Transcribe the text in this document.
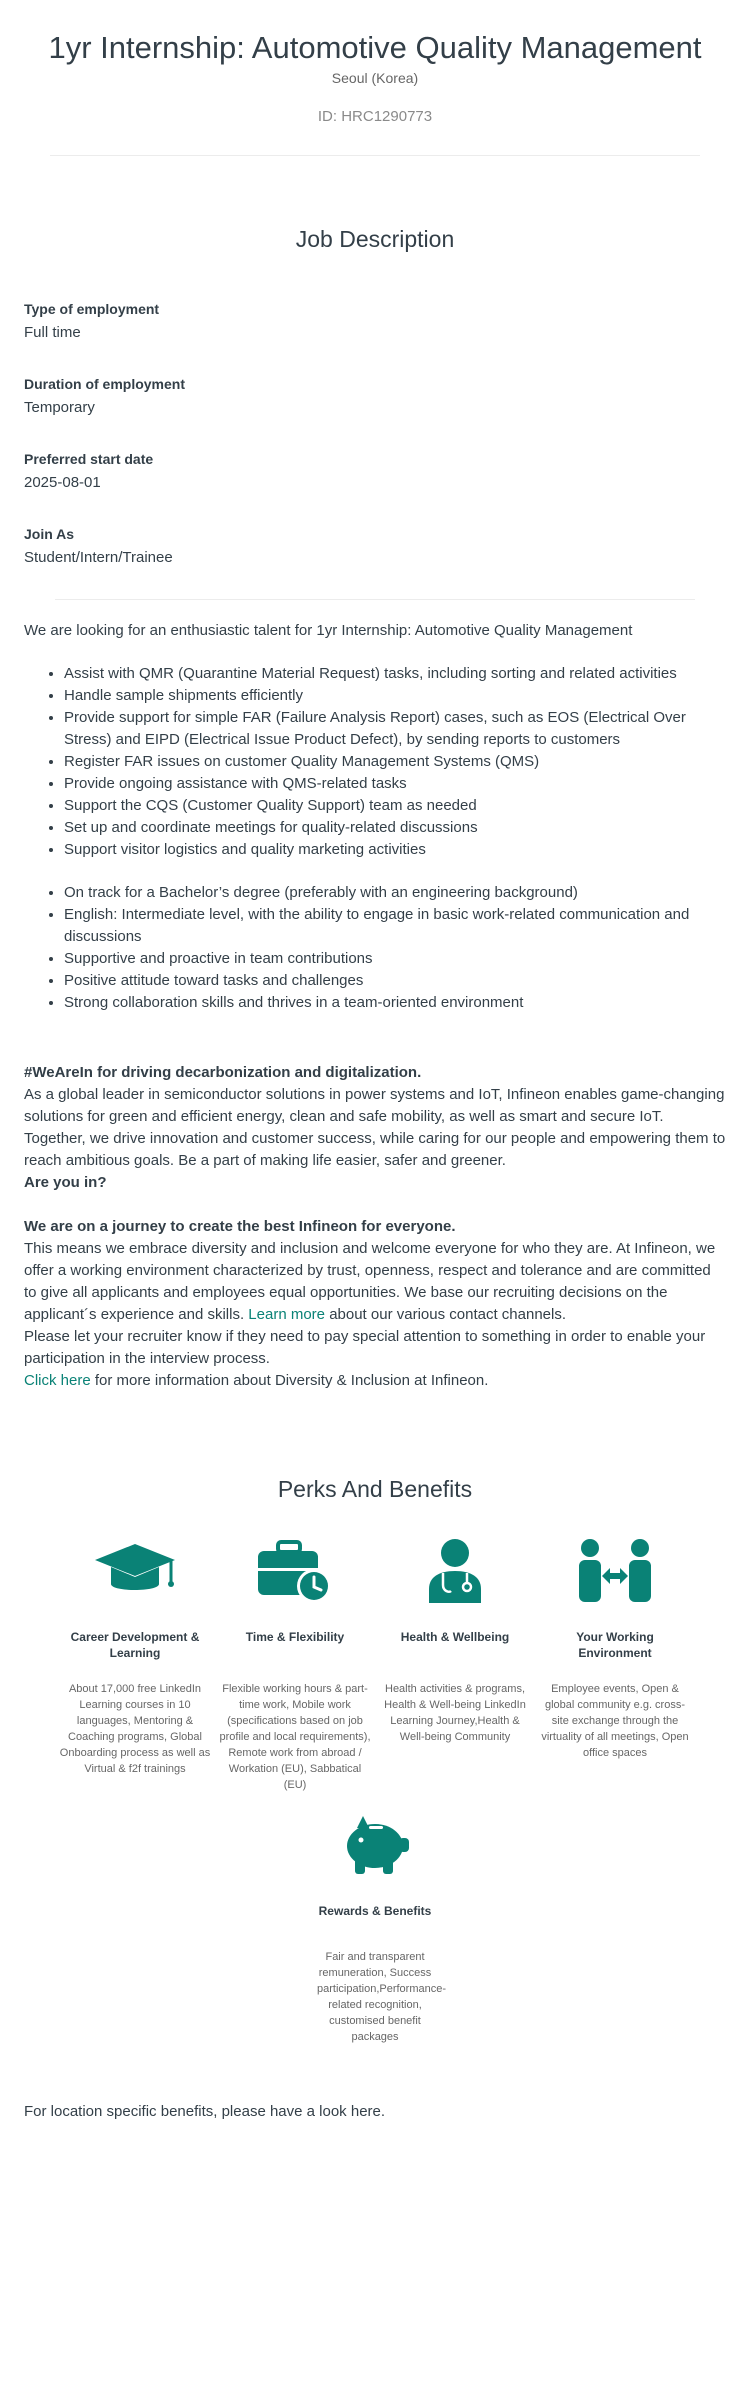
1yr Internship: Automotive Quality Management
Seoul (Korea)
ID: HRC1290773
Job Description
Type of employment
Full time
Duration of employment
Temporary
Preferred start date
2025-08-01
Join As
Student/Intern/Trainee

We are looking for an enthusiastic talent for 1yr Internship: Automotive Quality Management

• Assist with QMR (Quarantine Material Request) tasks, including sorting and related activities
• Handle sample shipments efficiently
• Provide support for simple FAR (Failure Analysis Report) cases, such as EOS (Electrical Over Stress) and EIPD (Electrical Issue Product Defect), by sending reports to customers
• Register FAR issues on customer Quality Management Systems (QMS)
• Provide ongoing assistance with QMS-related tasks
• Support the CQS (Customer Quality Support) team as needed
• Set up and coordinate meetings for quality-related discussions
• Support visitor logistics and quality marketing activities
• On track for a Bachelor’s degree (preferably with an engineering background)
• English: Intermediate level, with the ability to engage in basic work-related communication and discussions
• Supportive and proactive in team contributions
• Positive attitude toward tasks and challenges
• Strong collaboration skills and thrives in a team-oriented environment

#WeAreIn for driving decarbonization and digitalization.

As a global leader in semiconductor solutions in power systems and IoT, Infineon enables game-changing solutions for green and efficient energy, clean and safe mobility, as well as smart and secure IoT. Together, we drive innovation and customer success, while caring for our people and empowering them to reach ambitious goals. Be a part of making life easier, safer and greener.

Are you in?

We are on a journey to create the best Infineon for everyone.

This means we embrace diversity and inclusion and welcome everyone for who they are. At Infineon, we offer a working environment characterized by trust, openness, respect and tolerance and are committed to give all applicants and employees equal opportunities. We base our recruiting decisions on the applicant´s experience and skills. Learn more about our various contact channels.

Please let your recruiter know if they need to pay special attention to something in order to enable your participation in the interview process.

Click here for more information about Diversity & Inclusion at Infineon.

Perks And Benefits
Career Development & Learning
About 17,000 free LinkedIn Learning courses in 10 languages, Mentoring & Coaching programs, Global Onboarding process as well as Virtual & f2f trainings
Time & Flexibility
Flexible working hours & part-time work, Mobile work (specifications based on job profile and local requirements), Remote work from abroad / Workation (EU), Sabbatical (EU)
Health & Wellbeing
Health activities & programs, Health & Well-being LinkedIn Learning Journey,Health & Well-being Community
Your Working Environment
Employee events, Open & global community e.g. cross-site exchange through the virtuality of all meetings, Open office spaces
Rewards & Benefits
Fair and transparent remuneration, Success participation,Performance-related recognition, customised benefit packages

For location specific benefits, please have a look here.
